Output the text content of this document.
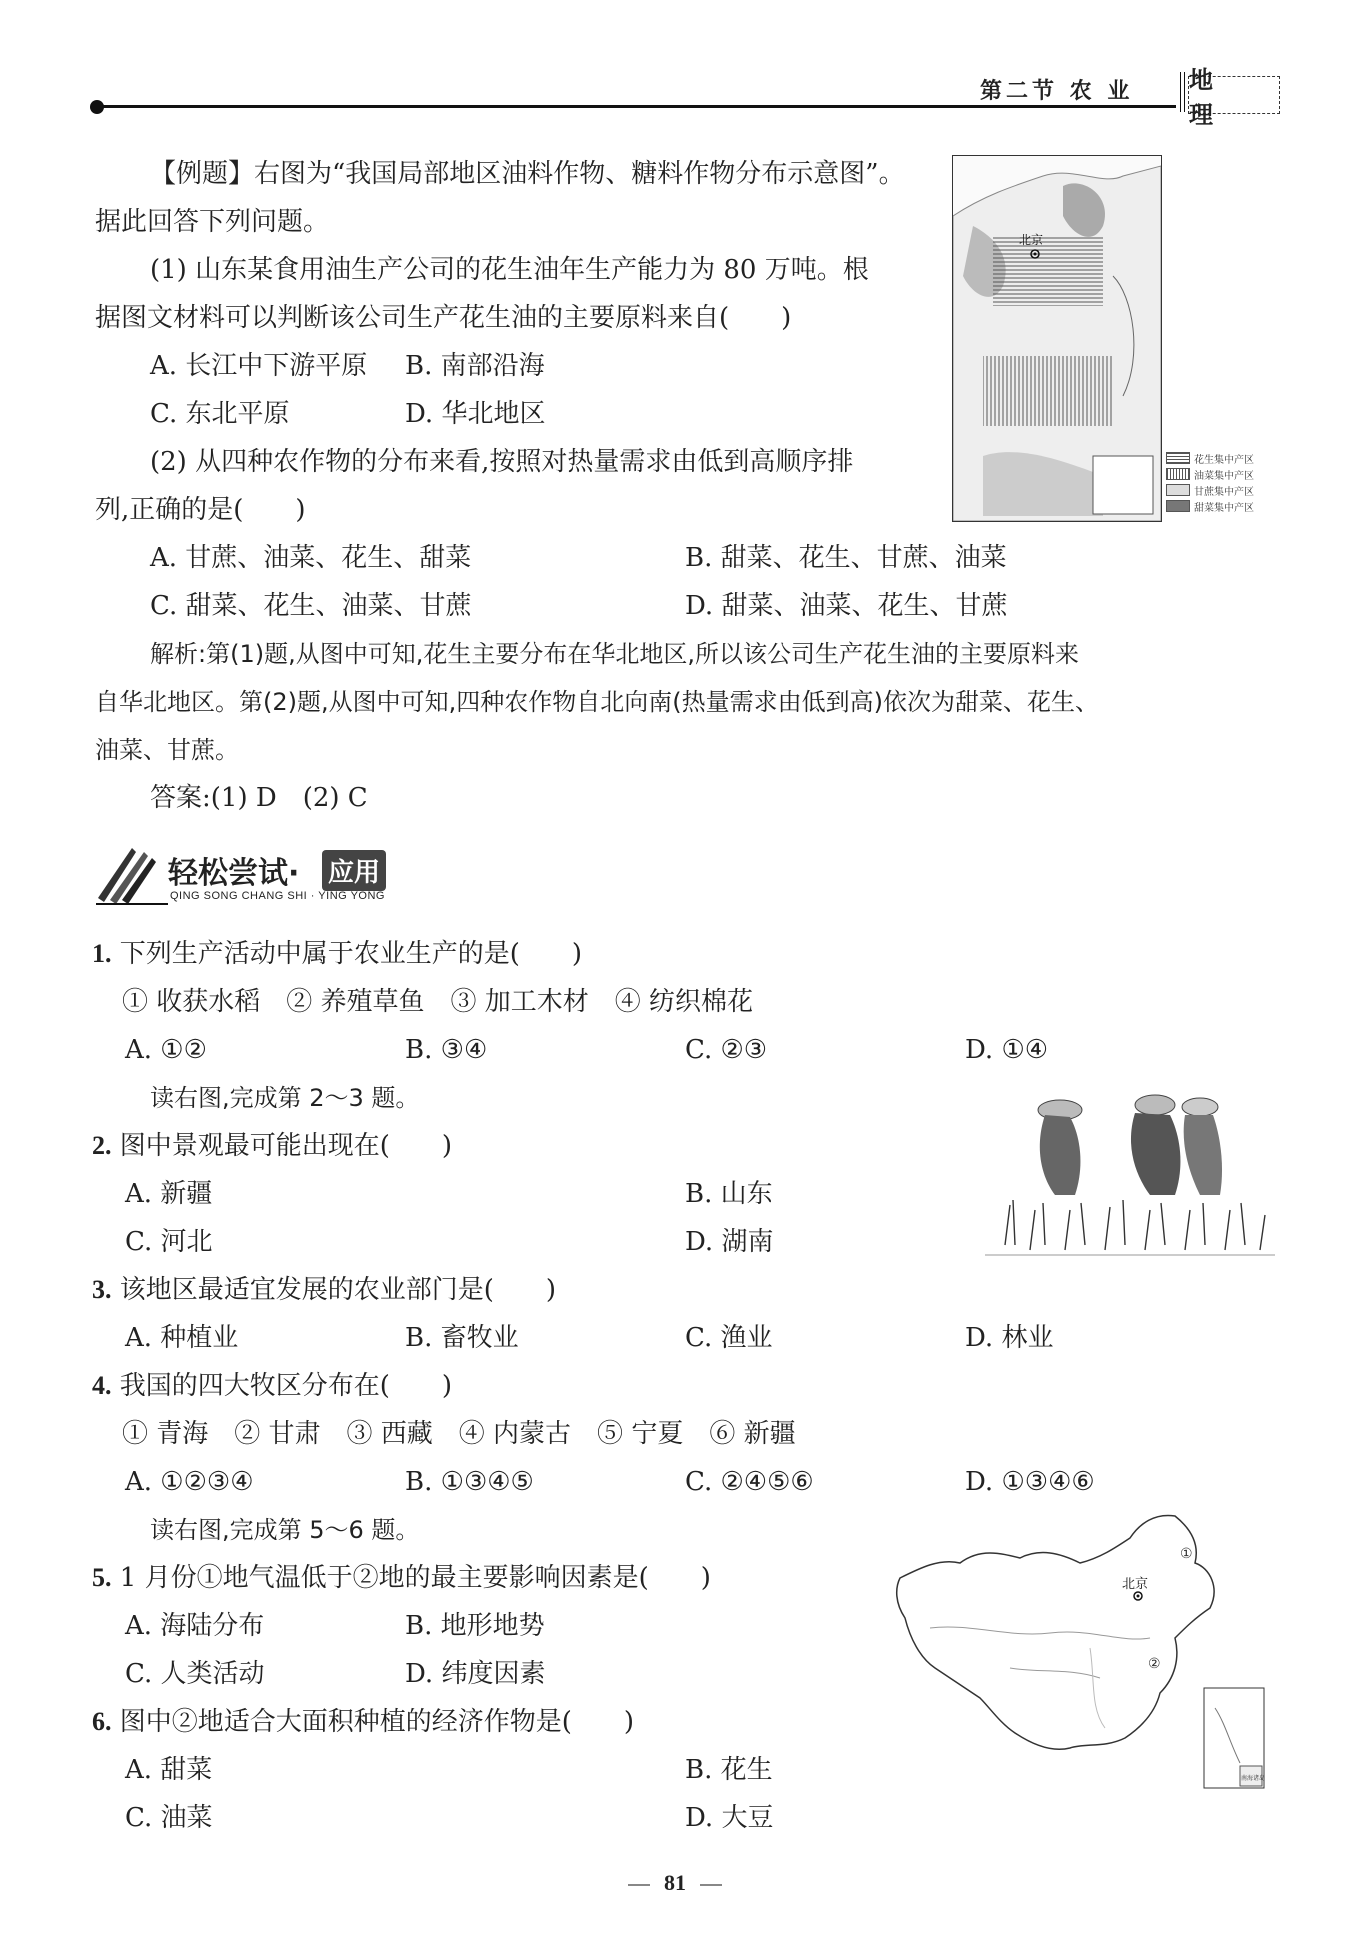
第二节 农 业 地 理
【例题】右图为“我国局部地区油料作物、糖料作物分布示意图”。
据此回答下列问题。
(1) 山东某食用油生产公司的花生油年生产能力为 80 万吨。根
据图文材料可以判断该公司生产花生油的主要原料来自(　　)
A. 长江中下游平原 B. 南部沿海
C. 东北平原	D. 华北地区
(2) 从四种农作物的分布来看,按照对热量需求由低到高顺序排
列,正确的是(　　)
A. 甘蔗、油菜、花生、甜菜	B. 甜菜、花生、甘蔗、油菜
C. 甜菜、花生、油菜、甘蔗	D. 甜菜、油菜、花生、甘蔗
解析:第(1)题,从图中可知,花生主要分布在华北地区,所以该公司生产花生油的主要原料来
自华北地区。第(2)题,从图中可知,四种农作物自北向南(热量需求由低到高)依次为甜菜、花生、
油菜、甘蔗。
答案:(1) D　(2) C
北京
花生集中产区
油菜集中产区
甘蔗集中产区
甜菜集中产区
轻松尝试· 应用
QING SONG CHANG SHI · YING YONG
1. 下列生产活动中属于农业生产的是(　　)
① 收获水稻　② 养殖草鱼　③ 加工木材　④ 纺织棉花
A. ①②	B. ③④	C. ②③	D. ①④
读右图,完成第 2～3 题。
2. 图中景观最可能出现在(　　)
A. 新疆	B. 山东
C. 河北	D. 湖南
3. 该地区最适宜发展的农业部门是(　　)
A. 种植业	B. 畜牧业	C. 渔业	D. 林业
4. 我国的四大牧区分布在(　　)
① 青海　② 甘肃　③ 西藏　④ 内蒙古　⑤ 宁夏　⑥ 新疆
A. ①②③④	B. ①③④⑤	C. ②④⑤⑥	D. ①③④⑥
读右图,完成第 5～6 题。
5. 1 月份①地气温低于②地的最主要影响因素是(　　)
A. 海陆分布	B. 地形地势
C. 人类活动	D. 纬度因素
6. 图中②地适合大面积种植的经济作物是(　　)
A. 甜菜	B. 花生
C. 油菜	D. 大豆
北京
①
②
南海诸岛
81
